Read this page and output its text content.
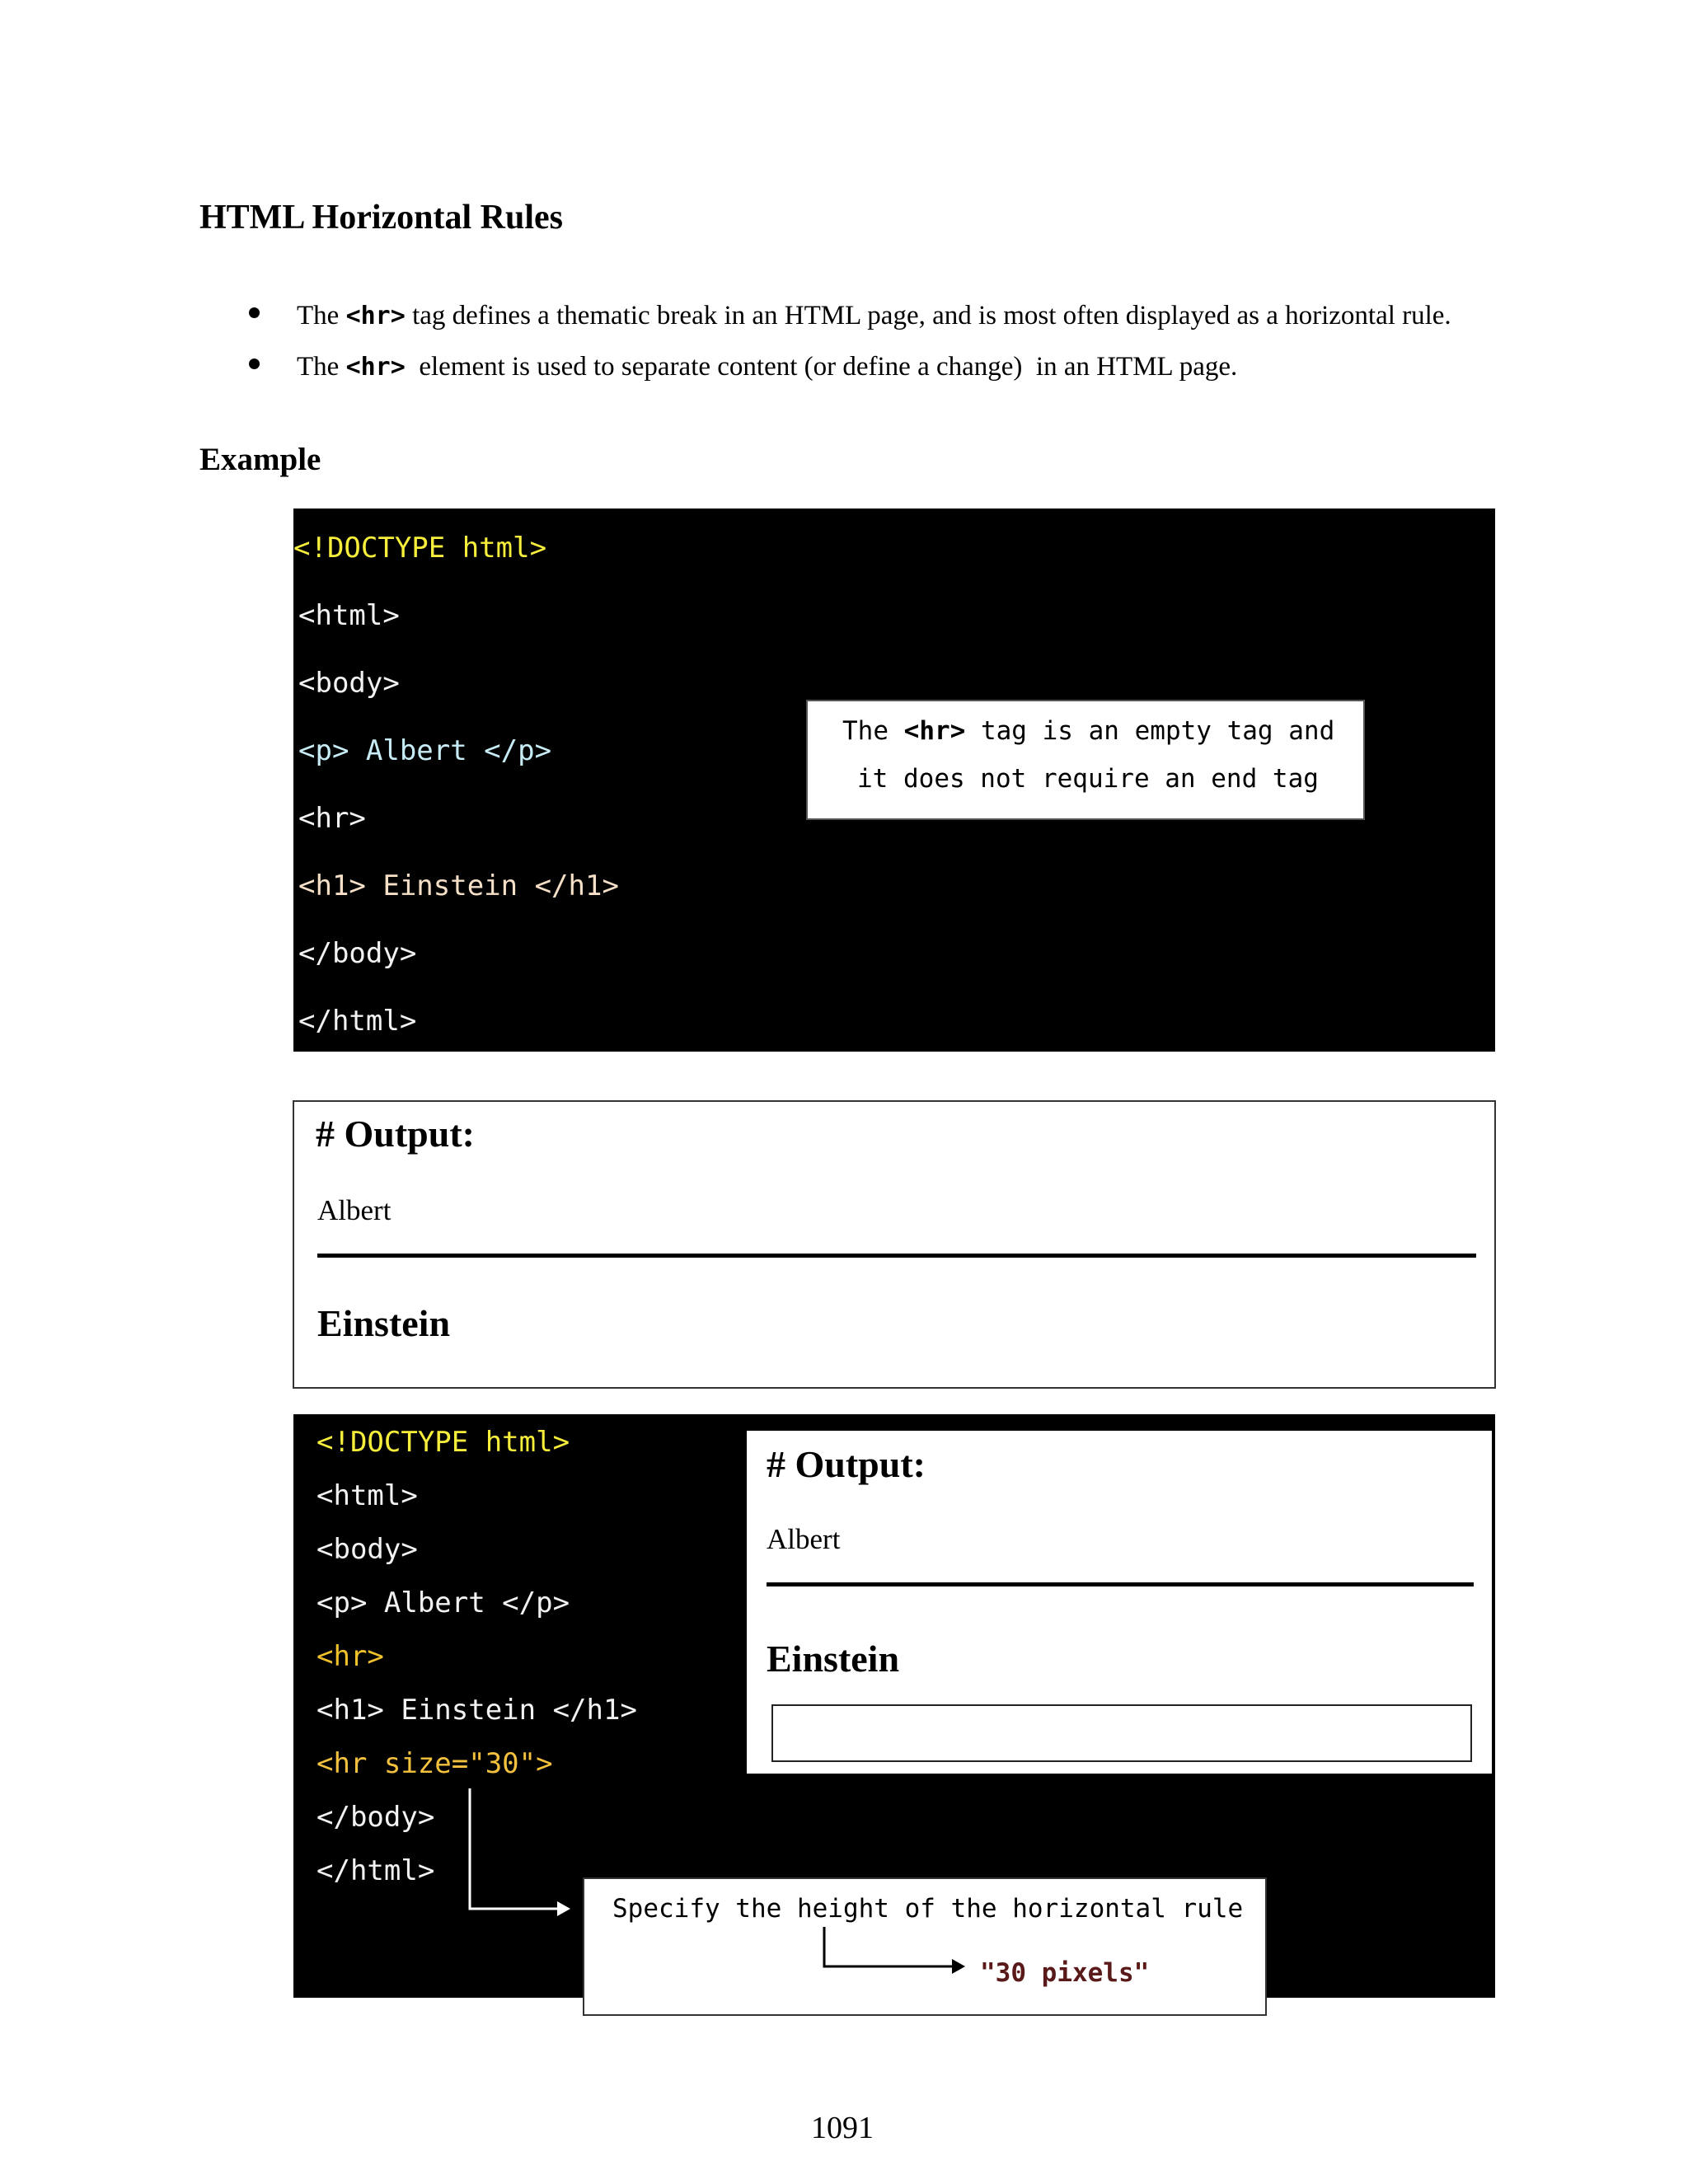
HTML Horizontal Rules
The <hr> tag defines a thematic break in an HTML page, and is most often displayed as a horizontal rule.
The <hr>  element is used to separate content (or define a change)  in an HTML page.
Example
<!DOCTYPE html>
<html>
<body>
<p> Albert </p>
<hr>
<h1> Einstein </h1>
</body>
</html>
The <hr> tag is an empty tag and
it does not require an end tag
# Output:
Albert
Einstein
<!DOCTYPE html>
<html>
<body>
<p> Albert </p>
<hr>
<h1> Einstein </h1>
<hr size="30">
</body>
</html>
# Output:
Albert
Einstein
Specify the height of the horizontal rule
"30 pixels"
1091
